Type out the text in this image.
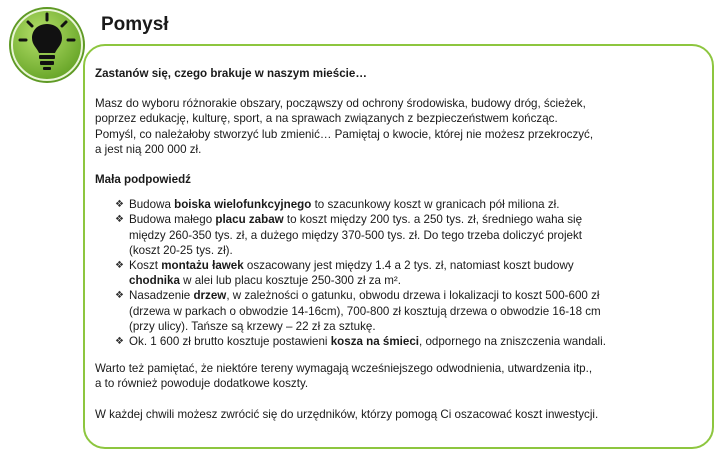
Pomysł

Zastanów się, czego brakuje w naszym mieście…

Masz do wyboru różnorakie obszary, począwszy od ochrony środowiska, budowy dróg, ścieżek,

poprzez edukację, kulturę, sport, a na sprawach związanych z bezpieczeństwem kończąc.

Pomyśl, co należałoby stworzyć lub zmienić… Pamiętaj o kwocie, której nie możesz przekroczyć,

a jest nią 200 000 zł.

Mała podpowiedź

❖ Budowa boiska wielofunkcyjnego to szacunkowy koszt w granicach pół miliona zł.
❖ Budowa małego placu zabaw to koszt między 200 tys. a 250 tys. zł, średniego waha się
między 260-350 tys. zł, a dużego między 370-500 tys. zł. Do tego trzeba doliczyć projekt
(koszt 20-25 tys. zł).
❖ Koszt montażu ławek oszacowany jest między 1.4 a 2 tys. zł, natomiast koszt budowy
chodnika w alei lub placu kosztuje 250-300 zł za m².
❖ Nasadzenie drzew, w zależności o gatunku, obwodu drzewa i lokalizacji to koszt 500-600 zł
(drzewa w parkach o obwodzie 14-16cm), 700-800 zł kosztują drzewa o obwodzie 16-18 cm
(przy ulicy). Tańsze są krzewy – 22 zł za sztukę.
❖ Ok. 1 600 zł brutto kosztuje postawieni kosza na śmieci, odpornego na zniszczenia wandali.

Warto też pamiętać, że niektóre tereny wymagają wcześniejszego odwodnienia, utwardzenia itp.,

a to również powoduje dodatkowe koszty.

W każdej chwili możesz zwrócić się do urzędników, którzy pomogą Ci oszacować koszt inwestycji.
